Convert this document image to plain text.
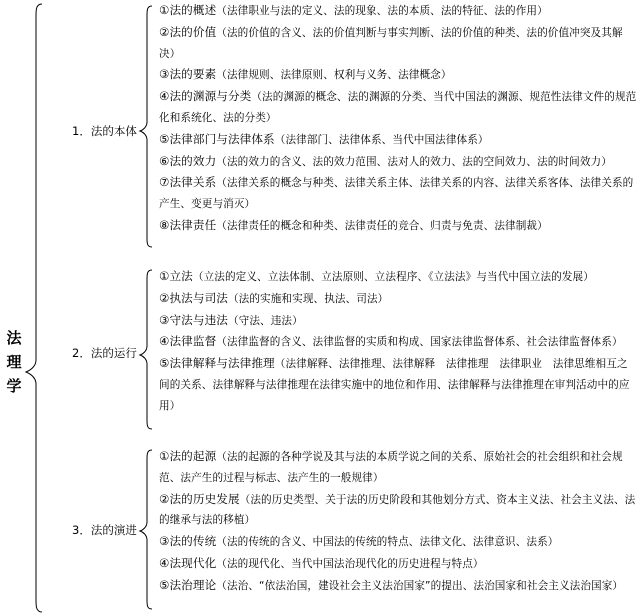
法理学
1．法的本体
2．法的运行
3．法的演进
①法的概述（法律职业与法的定义、法的现象、法的本质、法的特征、法的作用）
②法的价值（法的价值的含义、法的价值判断与事实判断、法的价值的种类、法的价值冲突及其解决）
③法的要素（法律规则、法律原则、权利与义务、法律概念）
④法的渊源与分类（法的渊源的概念、法的渊源的分类、当代中国法的渊源、规范性法律文件的规范化和系统化、法的分类）
⑤法律部门与法律体系（法律部门、法律体系、当代中国法律体系）
⑥法的效力（法的效力的含义、法的效力范围、法对人的效力、法的空间效力、法的时间效力）
⑦法律关系（法律关系的概念与种类、法律关系主体、法律关系的内容、法律关系客体、法律关系的产生、变更与消灭）
⑧法律责任（法律责任的概念和种类、法律责任的竞合、归责与免责、法律制裁）
①立法（立法的定义、立法体制、立法原则、立法程序、《立法法》与当代中国立法的发展）
②执法与司法（法的实施和实现、执法、司法）
③守法与违法（守法、违法）
④法律监督（法律监督的含义、法律监督的实质和构成、国家法律监督体系、社会法律监督体系）
⑤法律解释与法律推理（法律解释、法律推理、法律解释　法律推理　法律职业　法律思维相互之间的关系、法律解释与法律推理在法律实施中的地位和作用、法律解释与法律推理在审判活动中的应用）
①法的起源（法的起源的各种学说及其与法的本质学说之间的关系、原始社会的社会组织和社会规范、法产生的过程与标志、法产生的一般规律）
②法的历史发展（法的历史类型、关于法的历史阶段和其他划分方式、资本主义法、社会主义法、法的继承与法的移植）
③法的传统（法的传统的含义、中国法的传统的特点、法律文化、法律意识、法系）
④法现代化（法的现代化、当代中国法治现代化的历史进程与特点）
⑤法治理论（法治、“依法治国，建设社会主义法治国家”的提出、法治国家和社会主义法治国家）
